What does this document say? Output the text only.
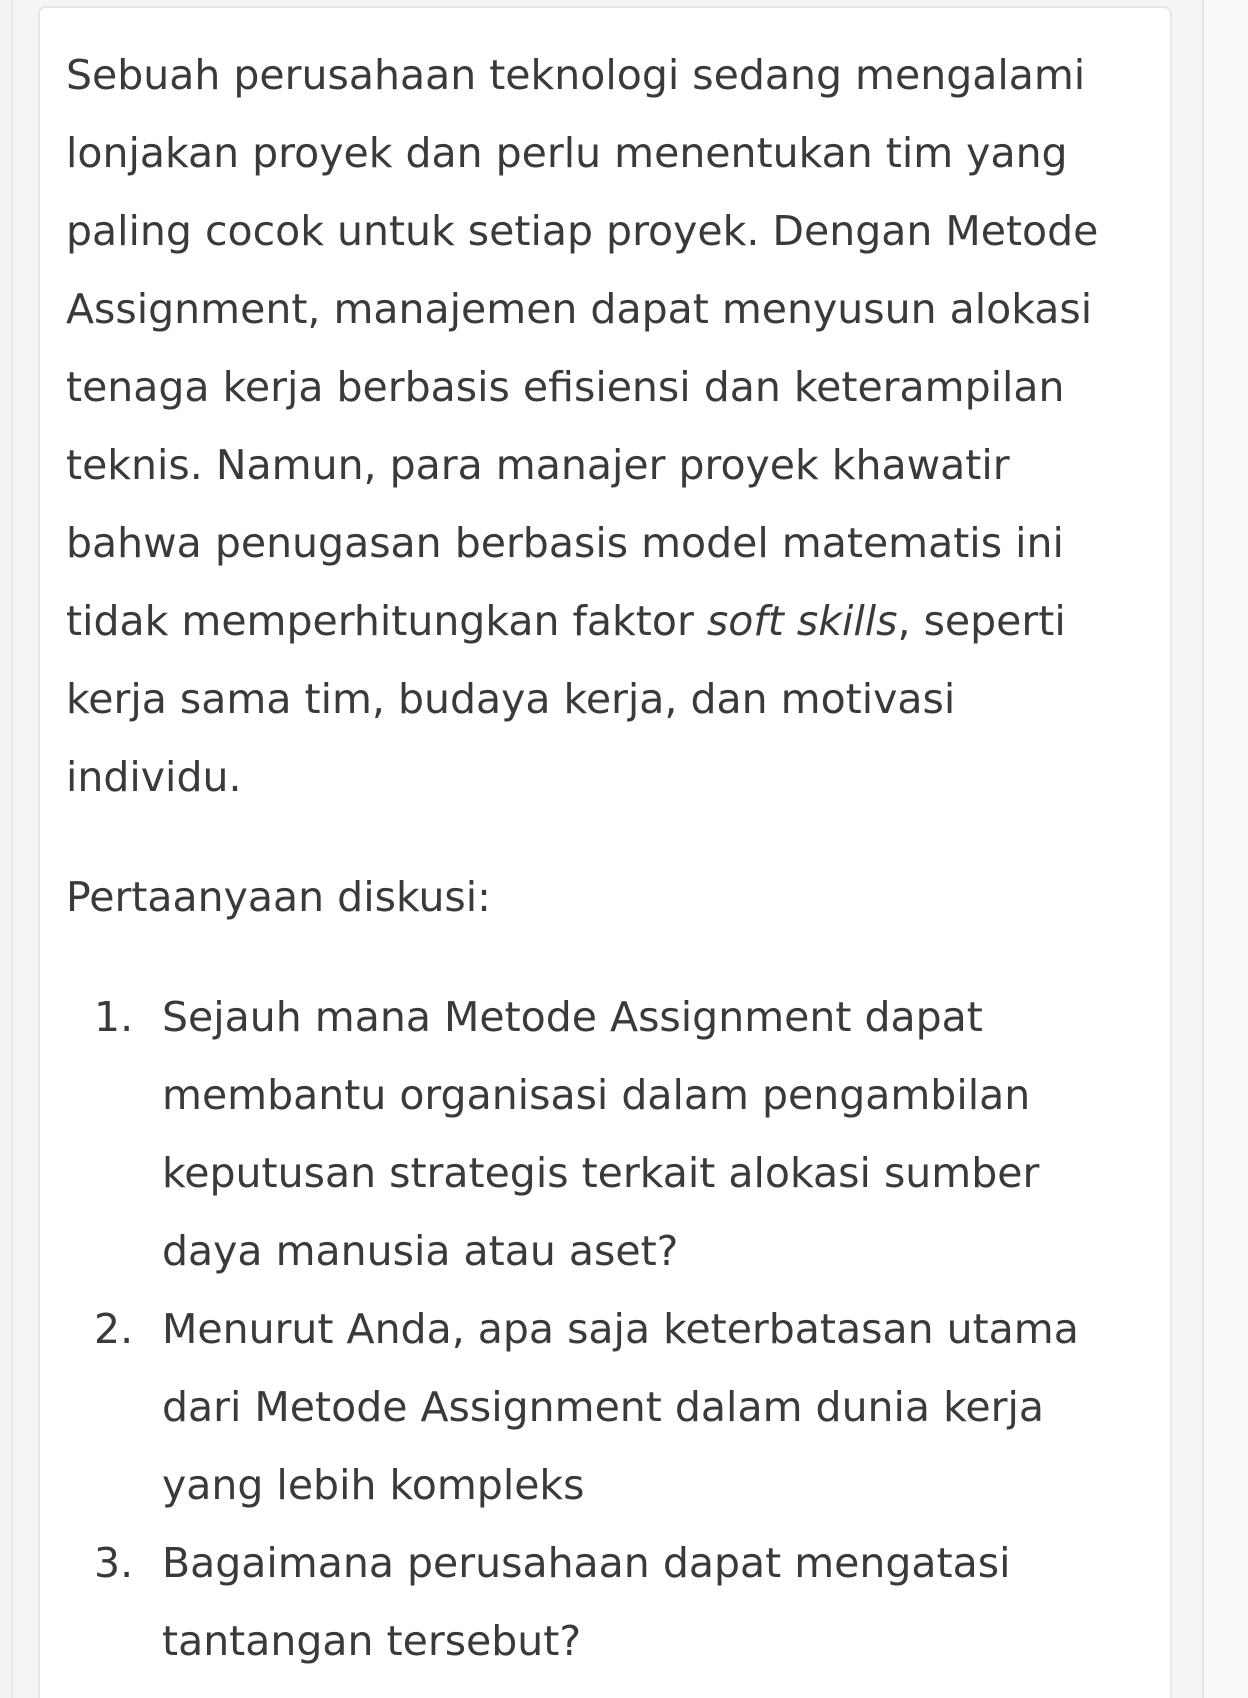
Sebuah perusahaan teknologi sedang mengalami
lonjakan proyek dan perlu menentukan tim yang
paling cocok untuk setiap proyek. Dengan Metode
Assignment, manajemen dapat menyusun alokasi
tenaga kerja berbasis efisiensi dan keterampilan
teknis. Namun, para manajer proyek khawatir
bahwa penugasan berbasis model matematis ini
tidak memperhitungkan faktor soft skills, seperti
kerja sama tim, budaya kerja, dan motivasi
individu.

Pertaanyaan diskusi:

1. Sejauh mana Metode Assignment dapat
membantu organisasi dalam pengambilan
keputusan strategis terkait alokasi sumber
daya manusia atau aset?
2. Menurut Anda, apa saja keterbatasan utama
dari Metode Assignment dalam dunia kerja
yang lebih kompleks
3. Bagaimana perusahaan dapat mengatasi
tantangan tersebut?
